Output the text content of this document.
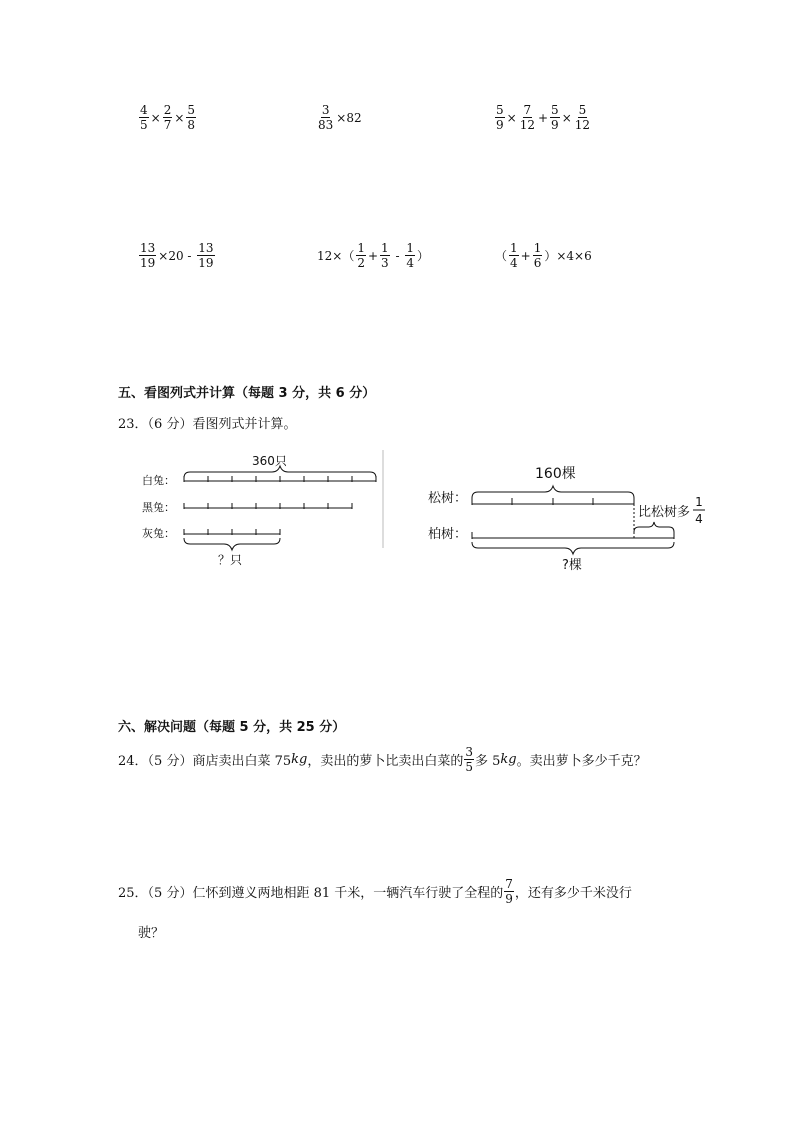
$\frac{4}{5} \times \frac{2}{7} \times \frac{5}{8}$	$\frac{3}{83} \times 82$	$\frac{5}{9} \times \frac{7}{12} + \frac{5}{9} \times \frac{5}{12}$
$\frac{13}{19} \times 20 - \frac{13}{19}$	$12\times( \frac{1}{2} + \frac{1}{3} - \frac{1}{4}$ ）	（ $\frac{1}{4} + \frac{1}{6} )\times 4\times 6$
五、看图列式并计算（每题 3 分，共 6 分）
23．（6 分）看图列式并计算。
360只
白兔：
黑兔：
灰兔：
？只
160棵
松树：
比松树多
1
4
柏树：
?棵
六、解决问题（每题 5 分，共 25 分）
24．（5 分）商店卖出白菜 75 kg ，卖出的萝卜比卖出白菜的 $\frac{3}{5}$ 多 5 kg 。卖出萝卜多少千克？
25．（5 分）仁怀到遵义两地相距 81 千米，一辆汽车行驶了全程的 $\frac{7}{9}$ ，还有多少千米没行
驶？
